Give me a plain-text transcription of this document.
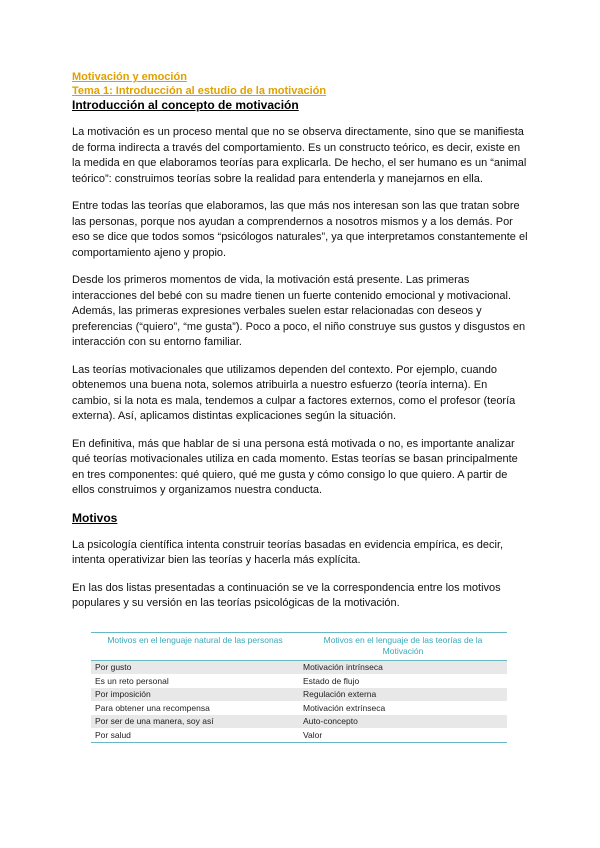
Motivación y emoción

Tema 1: Introducción al estudio de la motivación

Introducción al concepto de motivación

La motivación es un proceso mental que no se observa directamente, sino que se manifiesta de forma indirecta a través del comportamiento. Es un constructo teórico, es decir, existe en la medida en que elaboramos teorías para explicarla. De hecho, el ser humano es un “animal teórico”: construimos teorías sobre la realidad para entenderla y manejarnos en ella.

Entre todas las teorías que elaboramos, las que más nos interesan son las que tratan sobre las personas, porque nos ayudan a comprendernos a nosotros mismos y a los demás. Por eso se dice que todos somos “psicólogos naturales”, ya que interpretamos constantemente el comportamiento ajeno y propio.

Desde los primeros momentos de vida, la motivación está presente. Las primeras interacciones del bebé con su madre tienen un fuerte contenido emocional y motivacional. Además, las primeras expresiones verbales suelen estar relacionadas con deseos y preferencias (“quiero”, “me gusta”). Poco a poco, el niño construye sus gustos y disgustos en interacción con su entorno familiar.

Las teorías motivacionales que utilizamos dependen del contexto. Por ejemplo, cuando obtenemos una buena nota, solemos atribuirla a nuestro esfuerzo (teoría interna). En cambio, si la nota es mala, tendemos a culpar a factores externos, como el profesor (teoría externa). Así, aplicamos distintas explicaciones según la situación.

En definitiva, más que hablar de si una persona está motivada o no, es importante analizar qué teorías motivacionales utiliza en cada momento. Estas teorías se basan principalmente en tres componentes: qué quiero, qué me gusta y cómo consigo lo que quiero. A partir de ellos construimos y organizamos nuestra conducta.

Motivos

La psicología científica intenta construir teorías basadas en evidencia empírica, es decir, intenta operativizar bien las teorías y hacerla más explícita.

En las dos listas presentadas a continuación se ve la correspondencia entre los motivos populares y su versión en las teorías psicológicas de la motivación.

Motivos en el lenguaje natural de las personas	Motivos en el lenguaje de las teorías de la Motivación
Por gusto	Motivación intrínseca
Es un reto personal	Estado de flujo
Por imposición	Regulación externa
Para obtener una recompensa	Motivación extrínseca
Por ser de una manera, soy así	Auto-concepto
Por salud	Valor
